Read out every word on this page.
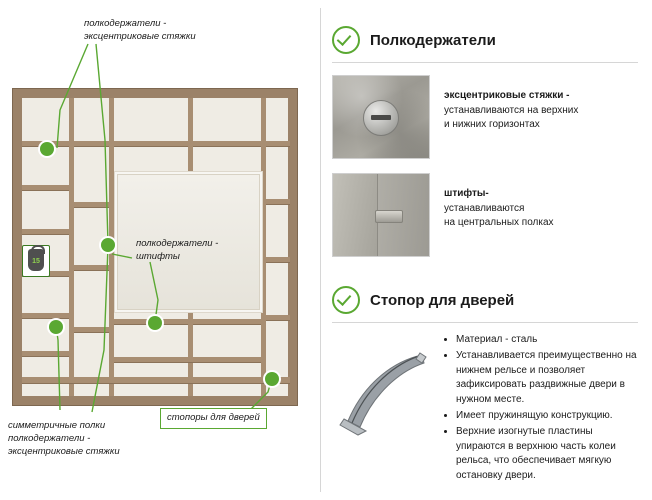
15
полкодержатели -
эксцентриковые стяжки
полкодержатели -
штифты
симметричные полки
полкодержатели -
эксцентриковые стяжки
стопоры для дверей
Полкодержатели
эксцентриковые стяжки -
устанавливаются на верхних
и нижних горизонтах
штифты-
устанавливаются
на центральных полках
Стопор для дверей
• Материал - сталь
• Устанавливается преимущественно на нижнем рельсе и позволяет зафиксировать раздвижные двери в нужном месте.
• Имеет пружинящую конструкцию.
• Верхние изогнутые пластины упираются в верхнюю часть колеи рельса, что обеспечивает мягкую остановку двери.
